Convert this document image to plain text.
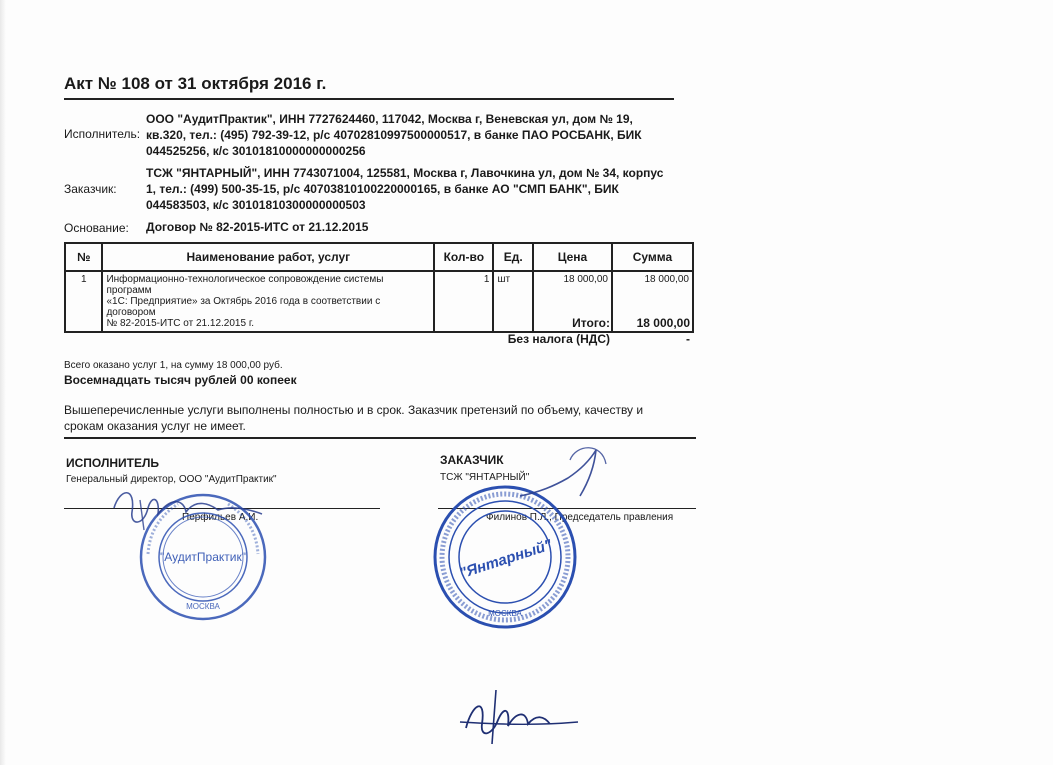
Акт № 108 от 31 октября 2016 г.
Исполнитель:
ООО "АудитПрактик", ИНН 7727624460, 117042, Москва г, Веневская ул, дом № 19,
кв.320, тел.: (495) 792-39-12, р/с 40702810997500000517, в банке ПАО РОСБАНК, БИК
044525256, к/с 30101810000000000256
Заказчик:
ТСЖ "ЯНТАРНЫЙ", ИНН 7743071004, 125581, Москва г, Лавочкина ул, дом № 34, корпус
1, тел.: (499) 500-35-15, р/с 40703810100220000165, в банке АО "СМП БАНК", БИК
044583503, к/с 30101810300000000503
Основание: Договор № 82-2015-ИТС от 21.12.2015
№	Наименование работ, услуг	Кол-во	Ед.	Цена	Сумма
1	Информационно-технологическое сопровождение системы программ
«1С: Предприятие» за Октябрь 2016 года в соответствии с договором
№ 82-2015-ИТС от 21.12.2015 г.	1	шт	18 000,00	18 000,00
Итого:	18 000,00
Без налога (НДС)	-
Всего оказано услуг 1, на сумму 18 000,00 руб.
Восемнадцать тысяч рублей 00 копеек
Вышеперечисленные услуги выполнены полностью и в срок. Заказчик претензий по объему, качеству и
срокам оказания услуг не имеет.
ИСПОЛНИТЕЛЬ
Генеральный директор, ООО "АудитПрактик"
Перфильев А.И.
ЗАКАЗЧИК
ТСЖ "ЯНТАРНЫЙ"
Филинов П.Л., Председатель правления
"АудитПрактик"
МОСКВА
"Янтарный"
МОСКВА
